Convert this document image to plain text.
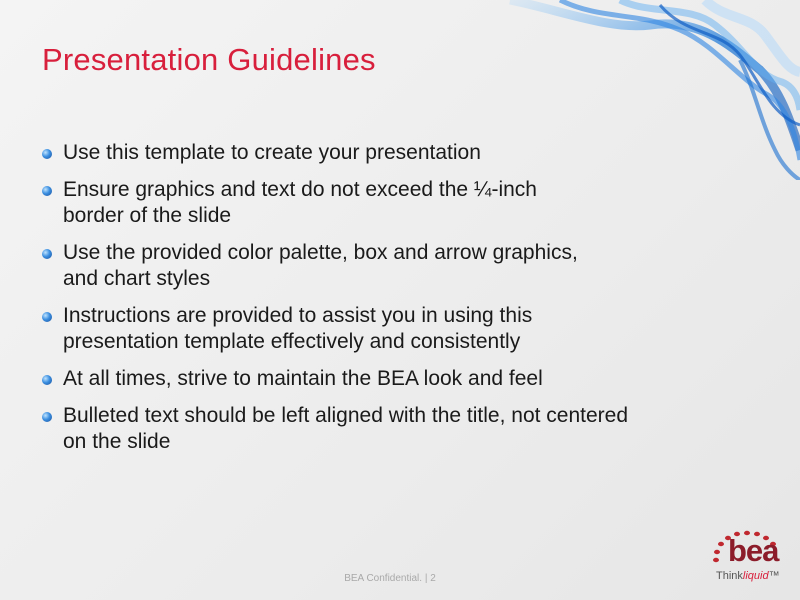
Presentation Guidelines
Use this template to create your presentation
Ensure graphics and text do not exceed the ¼-inch
border of the slide
Use the provided color palette, box and arrow graphics,
and chart styles
Instructions are provided to assist you in using this
presentation template effectively and consistently
At all times, strive to maintain the BEA look and feel
Bulleted text should be left aligned with the title, not centered
on the slide
BEA Confidential. | 2
bea
Thinkliquid™
